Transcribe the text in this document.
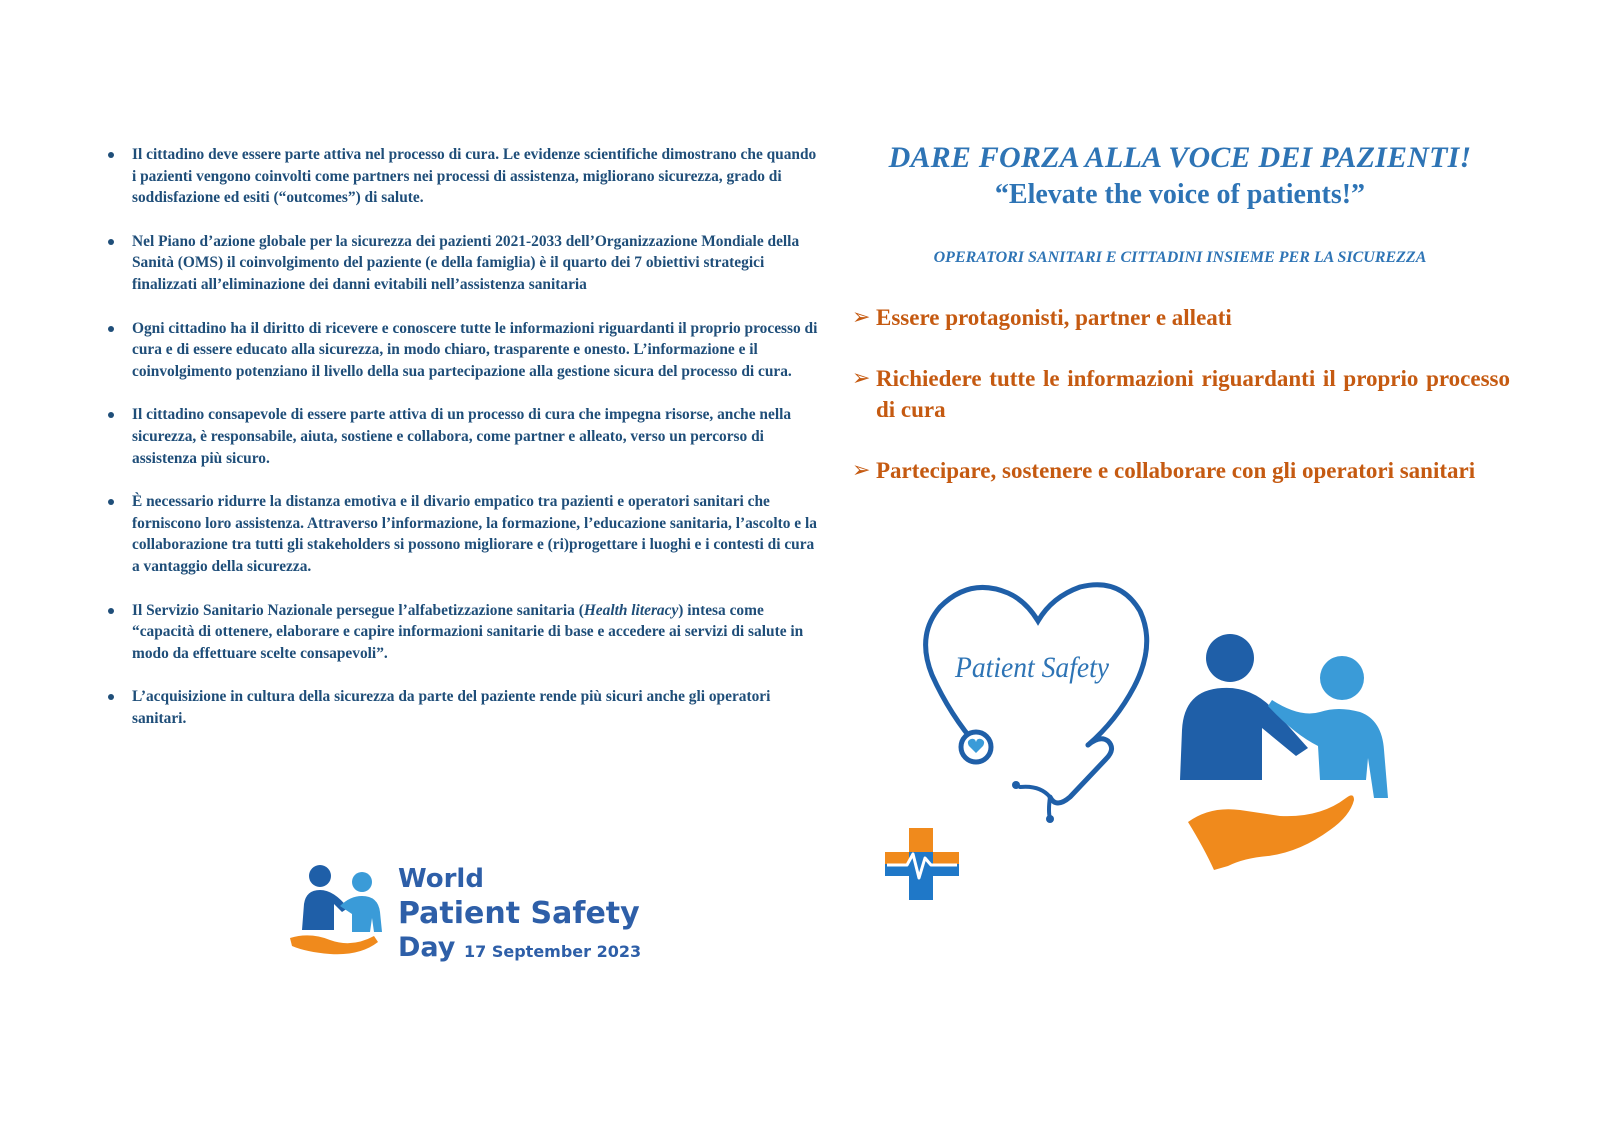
Il cittadino deve essere parte attiva nel processo di cura. Le evidenze scientifiche dimostrano che quando i pazienti vengono coinvolti come partners nei processi di assistenza, migliorano sicurezza, grado di soddisfazione ed esiti (“outcomes”) di salute.
Nel Piano d’azione globale per la sicurezza dei pazienti 2021-2033 dell’Organizzazione Mondiale della Sanità (OMS) il coinvolgimento del paziente (e della famiglia) è il quarto dei 7 obiettivi strategici finalizzati all’eliminazione dei danni evitabili nell’assistenza sanitaria
Ogni cittadino ha il diritto di ricevere e conoscere tutte le informazioni riguardanti il proprio processo di cura e di essere educato alla sicurezza, in modo chiaro, trasparente e onesto. L’informazione e il coinvolgimento potenziano il livello della sua partecipazione alla gestione sicura del processo di cura.
Il cittadino consapevole di essere parte attiva di un processo di cura che impegna risorse, anche nella sicurezza, è responsabile, aiuta, sostiene e collabora, come partner e alleato, verso un percorso di assistenza più sicuro.
È necessario ridurre la distanza emotiva e il divario empatico tra pazienti e operatori sanitari che forniscono loro assistenza. Attraverso l’informazione, la formazione, l’educazione sanitaria, l’ascolto e la collaborazione tra tutti gli stakeholders si possono migliorare e (ri)progettare i luoghi e i contesti di cura a vantaggio della sicurezza.
Il Servizio Sanitario Nazionale persegue l’alfabetizzazione sanitaria (Health literacy) intesa come “capacità di ottenere, elaborare e capire informazioni sanitarie di base e accedere ai servizi di salute in modo da effettuare scelte consapevoli”.
L’acquisizione in cultura della sicurezza da parte del paziente rende più sicuri anche gli operatori sanitari.
World
Patient Safety
Day 17 September 2023
DARE FORZA ALLA VOCE DEI PAZIENTI!
“Elevate the voice of patients!”

OPERATORI SANITARI E CITTADINI INSIEME PER LA SICUREZZA

➢ Essere protagonisti, partner e alleati
➢ Richiedere tutte le informazioni riguardanti il proprio processo di cura
➢ Partecipare, sostenere e collaborare con gli operatori sanitari
Patient Safety
